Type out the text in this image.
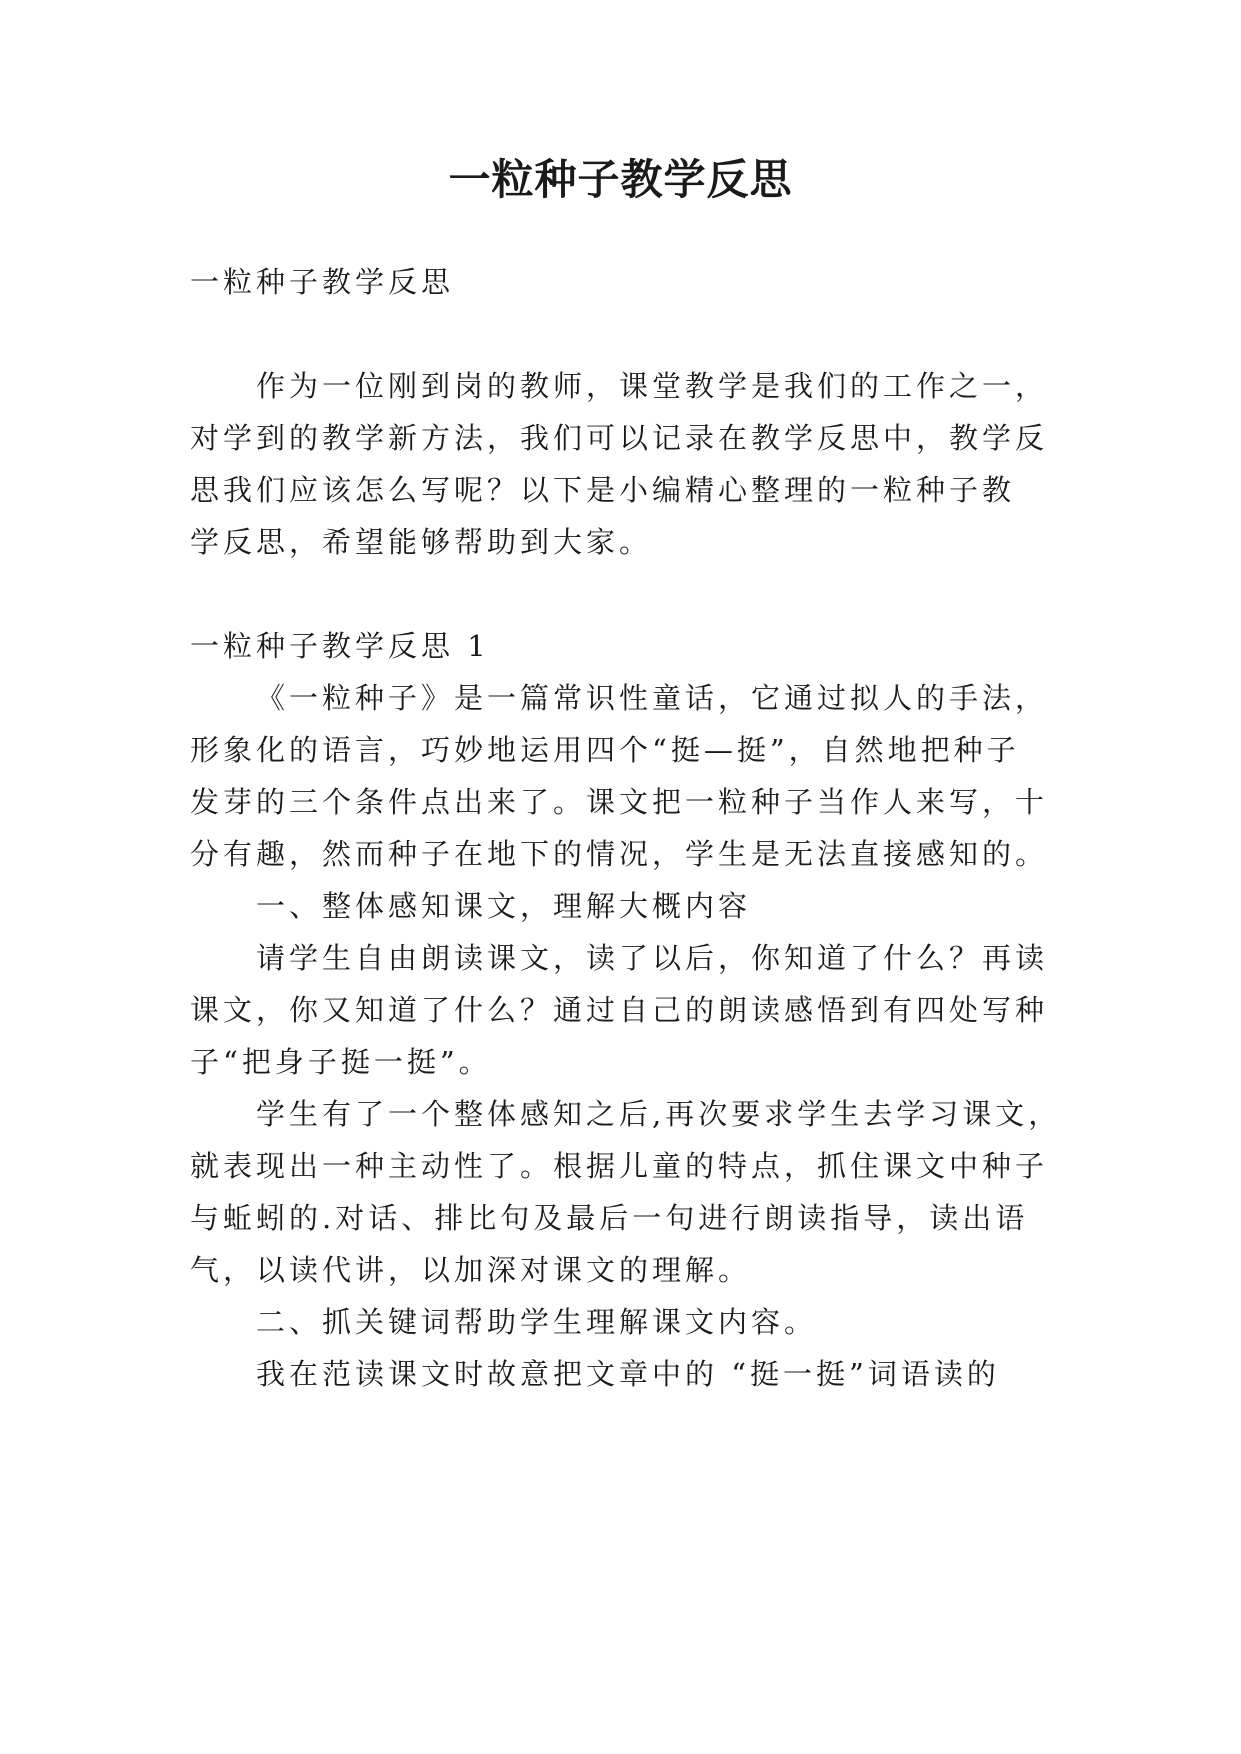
一粒种子教学反思
一粒种子教学反思
作为一位刚到岗的教师，课堂教学是我们的工作之一，
对学到的教学新方法，我们可以记录在教学反思中，教学反
思我们应该怎么写呢？以下是小编精心整理的一粒种子教
学反思，希望能够帮助到大家。
一粒种子教学反思 1
《一粒种子》是一篇常识性童话，它通过拟人的手法，
形象化的语言，巧妙地运用四个“挺—挺”，自然地把种子
发芽的三个条件点出来了。课文把一粒种子当作人来写，十
分有趣，然而种子在地下的情况，学生是无法直接感知的。
一、整体感知课文，理解大概内容
请学生自由朗读课文，读了以后，你知道了什么？再读
课文，你又知道了什么？通过自己的朗读感悟到有四处写种
子“把身子挺一挺”。
学生有了一个整体感知之后,再次要求学生去学习课文，
就表现出一种主动性了。根据儿童的特点，抓住课文中种子
与蚯蚓的.对话、排比句及最后一句进行朗读指导，读出语
气，以读代讲，以加深对课文的理解。
二、抓关键词帮助学生理解课文内容。
我在范读课文时故意把文章中的 “挺一挺”词语读的
